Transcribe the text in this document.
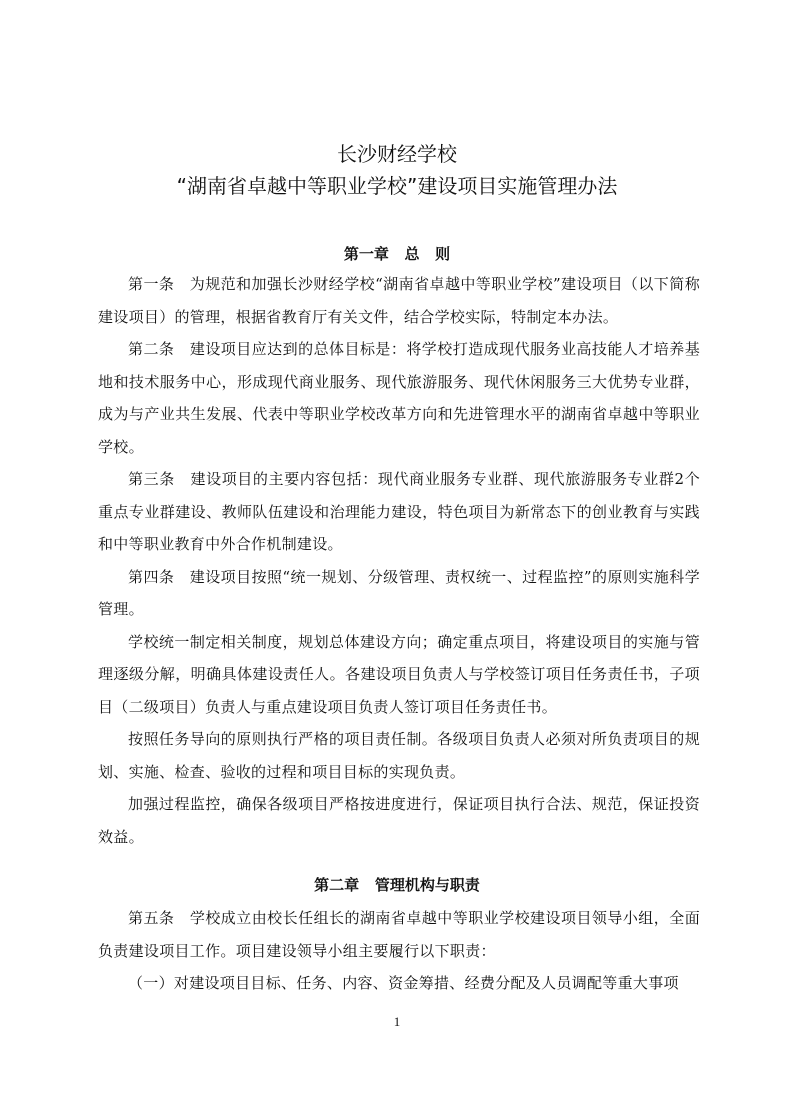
长沙财经学校
“湖南省卓越中等职业学校”建设项目实施管理办法
第一章   总   则

第一条　为规范和加强长沙财经学校“湖南省卓越中等职业学校”建设项目（以下简称建设项目）的管理，根据省教育厅有关文件，结合学校实际，特制定本办法。

第二条　建设项目应达到的总体目标是：将学校打造成现代服务业高技能人才培养基地和技术服务中心，形成现代商业服务、现代旅游服务、现代休闲服务三大优势专业群，成为与产业共生发展、代表中等职业学校改革方向和先进管理水平的湖南省卓越中等职业学校。

第三条　建设项目的主要内容包括：现代商业服务专业群、现代旅游服务专业群2个重点专业群建设、教师队伍建设和治理能力建设，特色项目为新常态下的创业教育与实践和中等职业教育中外合作机制建设。

第四条　建设项目按照“统一规划、分级管理、责权统一、过程监控”的原则实施科学管理。

学校统一制定相关制度，规划总体建设方向；确定重点项目，将建设项目的实施与管理逐级分解，明确具体建设责任人。各建设项目负责人与学校签订项目任务责任书，子项目（二级项目）负责人与重点建设项目负责人签订项目任务责任书。

按照任务导向的原则执行严格的项目责任制。各级项目负责人必须对所负责项目的规划、实施、检查、验收的过程和项目目标的实现负责。

加强过程监控，确保各级项目严格按进度进行，保证项目执行合法、规范，保证投资效益。

第二章   管理机构与职责

第五条　学校成立由校长任组长的湖南省卓越中等职业学校建设项目领导小组，全面负责建设项目工作。项目建设领导小组主要履行以下职责：

（一）对建设项目目标、任务、内容、资金筹措、经费分配及人员调配等重大事项

1
